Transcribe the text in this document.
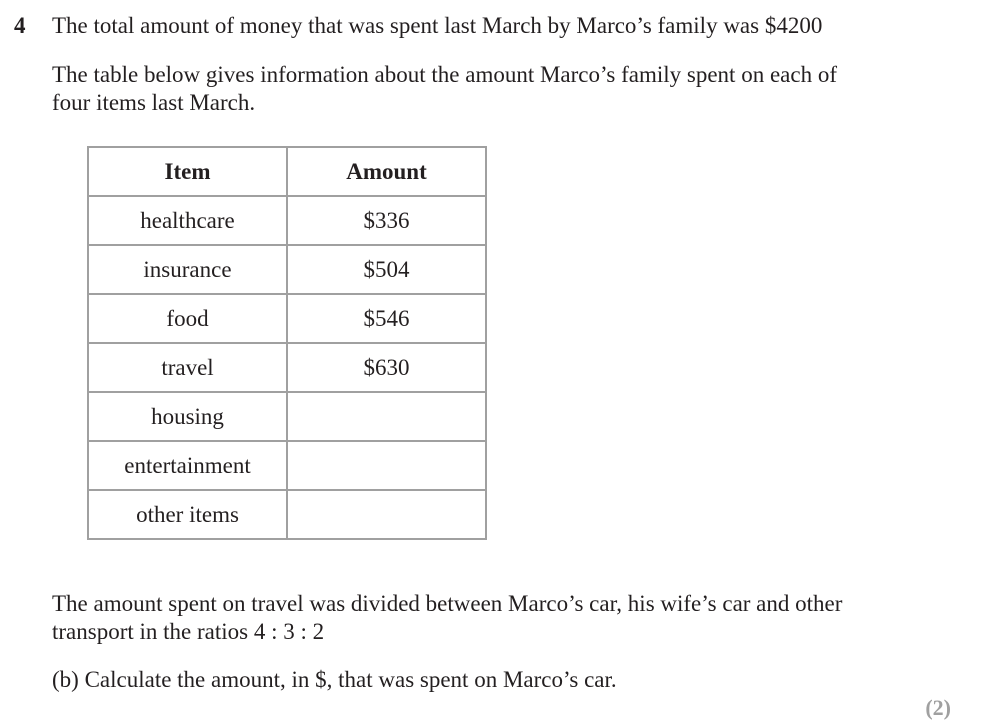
4 The total amount of money that was spent last March by Marco’s family was $4200
The table below gives information about the amount Marco’s family spent on each of
four items last March.
Item	Amount
healthcare	$336
insurance	$504
food	$546
travel	$630
housing	
entertainment	
other items	
The amount spent on travel was divided between Marco’s car, his wife’s car and other
transport in the ratios 4 : 3 : 2
(b) Calculate the amount, in $, that was spent on Marco’s car.
(2)
